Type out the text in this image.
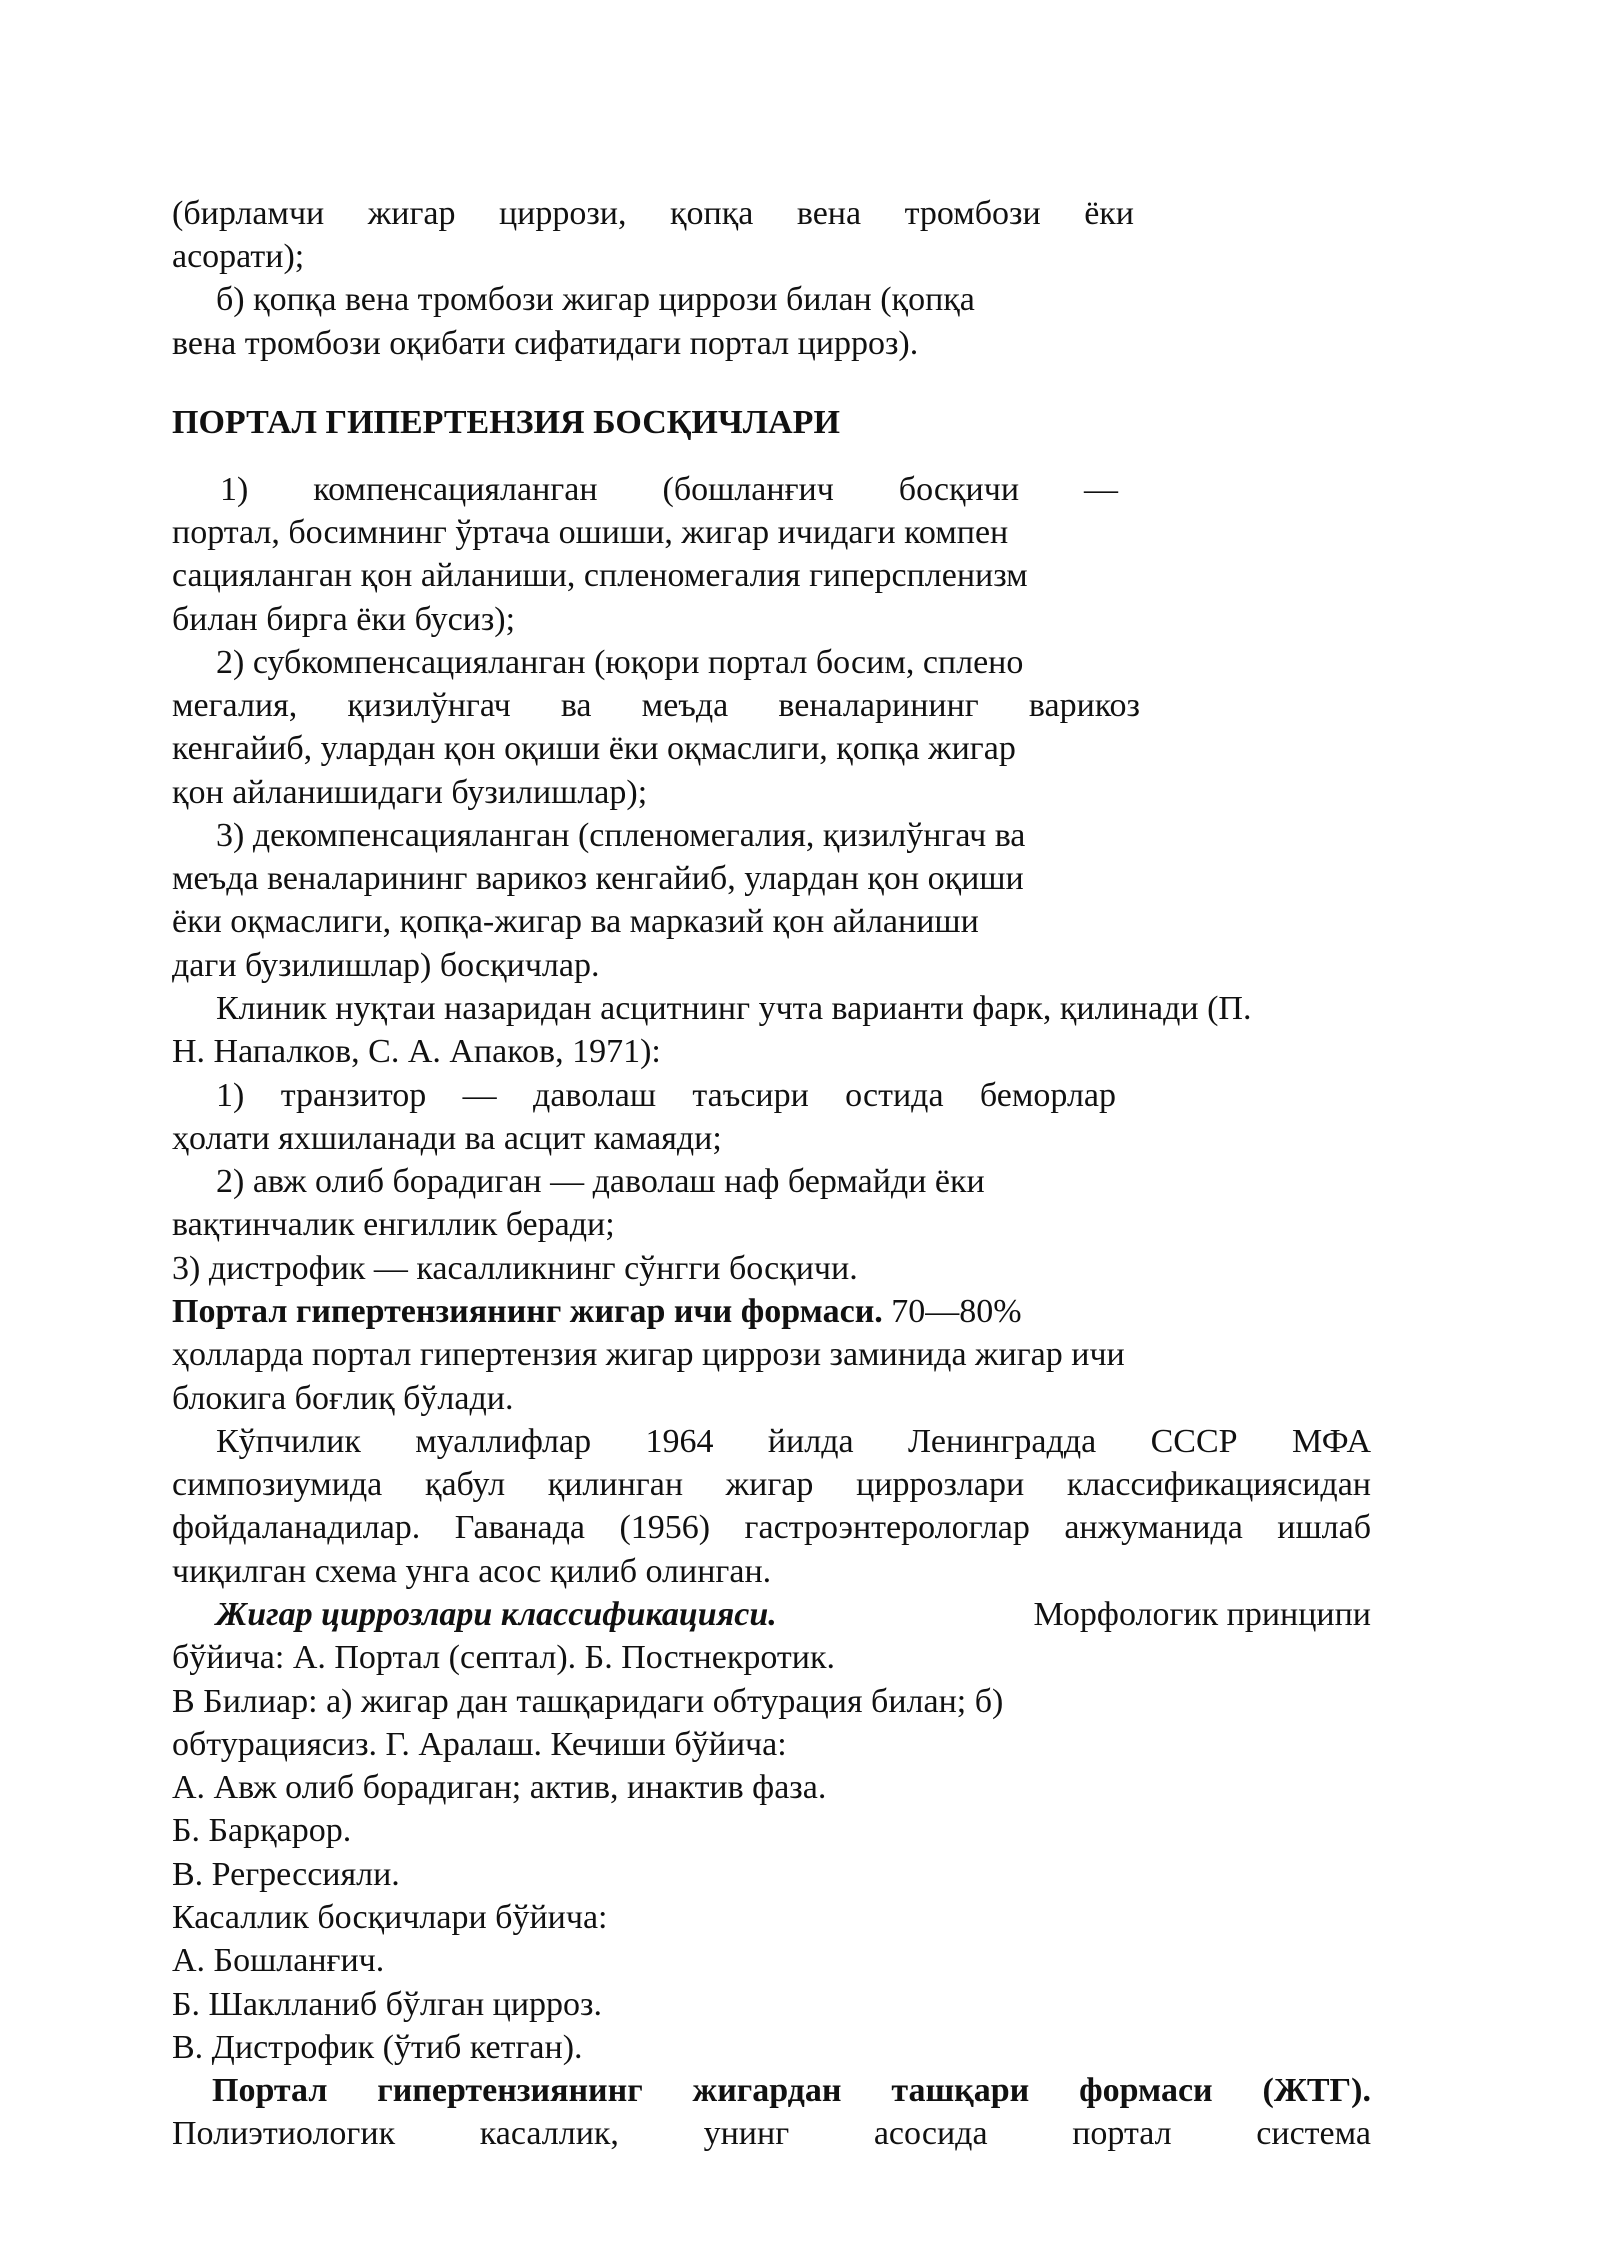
(бирламчи жигар циррози, қопқа вена тромбози ёки
асорати);
б) қопқа вена тромбози жигар циррози билан (қопқа
вена тромбози оқибати сифатидаги портал цирроз).
ПОРТАЛ ГИПЕРТЕНЗИЯ БОСҚИЧЛАРИ
1) компенсацияланган (бошланғич босқичи —
портал, босимнинг ўртача ошиши, жигар ичидаги компен
сацияланган қон айланиши, спленомегалия гиперспленизм
билан бирга ёки бусиз);
2) субкомпенсацияланган (юқори портал босим, сплено
мегалия, қизилўнгач ва меъда веналарининг варикоз
кенгайиб, улардан қон оқиши ёки оқмаслиги, қопқа жигар
қон айланишидаги бузилишлар);
3) декомпенсацияланган (спленомегалия, қизилўнгач ва
меъда веналарининг варикоз кенгайиб, улардан қон оқиши
ёки оқмаслиги, қопқа-жигар ва марказий қон айланиши
даги бузилишлар) босқичлар.
Клиник нуқтаи назаридан асцитнинг учта варианти фарк, қилинади (П.
Н. Напалков, С. А. Апаков, 1971):
1) транзитор — даволаш таъсири остида беморлар
ҳолати яхшиланади ва асцит камаяди;
2) авж олиб борадиган — даволаш наф бермайди ёки
вақтинчалик енгиллик беради;
3) дистрофик — касалликнинг сўнгги босқичи.
Портал гипертензиянинг жигар ичи формаси. 70—80%
ҳолларда портал гипертензия жигар циррози заминида жигар ичи
блокига боғлиқ бўлади.
Кўпчилик муаллифлар 1964 йилда Ленинградда СССР МФА
симпозиумида қабул қилинган жигар циррозлари классификациясидан
фойдаланадилар. Гаванада (1956) гастроэнтерологлар анжуманида ишлаб
чиқилган схема унга асос қилиб олинган.
Жигар циррозлари классификацияси.	Морфологик принципи
бўйича: А. Портал (септал). Б. Постнекротик.
В Билиар: а) жигар дан ташқаридаги обтурация билан; б)
обтурациясиз. Г. Аралаш. Кечиши бўйича:
А. Авж олиб борадиган; актив, инактив фаза.
Б. Барқарор.
В. Регрессияли.
Касаллик босқичлари бўйича:
А. Бошланғич.
Б. Шаклланиб бўлган цирроз.
В. Дистрофик (ўтиб кетган).
Портал гипертензиянинг жигардан ташқари формаси (ЖТГ).
Полиэтиологик касаллик, унинг асосида портал система
